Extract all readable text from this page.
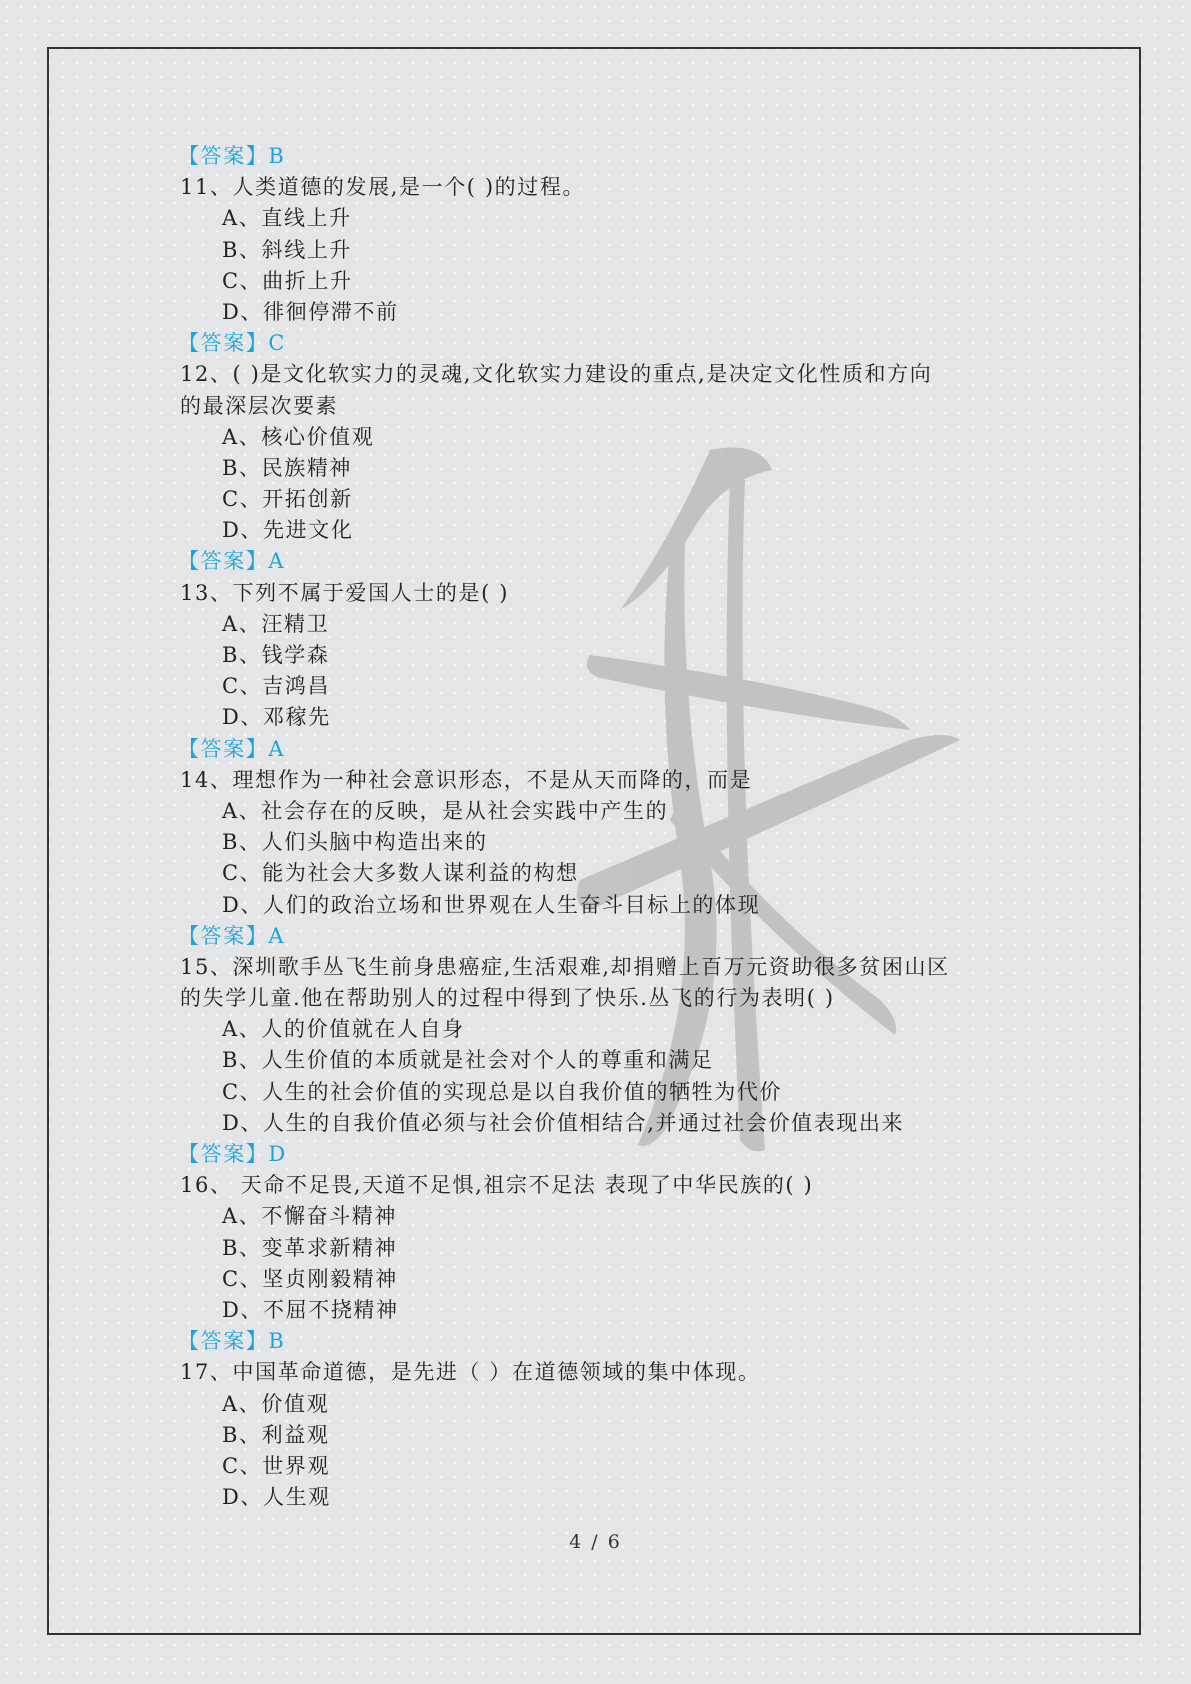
【答案】B
11、人类道德的发展,是一个( )的过程。
A、直线上升
B、斜线上升
C、曲折上升
D、徘徊停滞不前
【答案】C
12、( )是文化软实力的灵魂,文化软实力建设的重点,是决定文化性质和方向
的最深层次要素
A、核心价值观
B、民族精神
C、开拓创新
D、先进文化
【答案】A
13、下列不属于爱国人士的是( )
A、汪精卫
B、钱学森
C、吉鸿昌
D、邓稼先
【答案】A
14、理想作为一种社会意识形态，不是从天而降的，而是
A、社会存在的反映，是从社会实践中产生的
B、人们头脑中构造出来的
C、能为社会大多数人谋利益的构想
D、人们的政治立场和世界观在人生奋斗目标上的体现
【答案】A
15、深圳歌手丛飞生前身患癌症,生活艰难,却捐赠上百万元资助很多贫困山区
的失学儿童.他在帮助别人的过程中得到了快乐.丛飞的行为表明( )
A、人的价值就在人自身
B、人生价值的本质就是社会对个人的尊重和满足
C、人生的社会价值的实现总是以自我价值的牺牲为代价
D、人生的自我价值必须与社会价值相结合,并通过社会价值表现出来
【答案】D
16、 天命不足畏,天道不足惧,祖宗不足法 表现了中华民族的( )
A、不懈奋斗精神
B、变革求新精神
C、坚贞刚毅精神
D、不屈不挠精神
【答案】B
17、中国革命道德，是先进（ ）在道德领域的集中体现。
A、价值观
B、利益观
C、世界观
D、人生观
4 / 6
